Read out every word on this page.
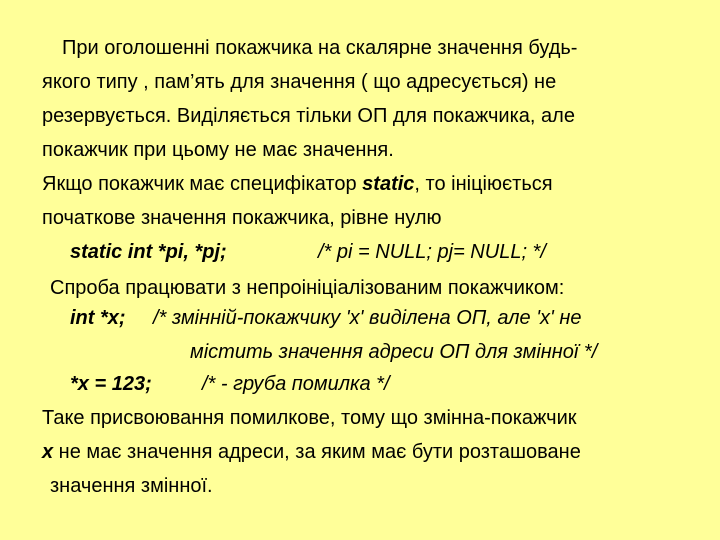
При оголошенні покажчика на скалярне значення будь-
якого типу , пам’ять для значення ( що адресується) не
резервується. Виділяється тільки ОП для покажчика, але
покажчик при цьому не має значення.
Якщо покажчик має специфікатор static, то ініціюється
початкове значення покажчика, рівне нулю
static int *pi, *pj;	/* pi = NULL; pj= NULL; */
Спроба працювати з непроініціалізованим покажчиком:
int *x; /* змінній-покажчику 'x' виділена ОП, але 'x' не
містить значення адреси ОП для змінної */
*x = 123;	/* - груба помилка */
Таке присвоювання помилкове, тому що змінна-покажчик
x не має значення адреси, за яким має бути розташоване
значення змінної.
